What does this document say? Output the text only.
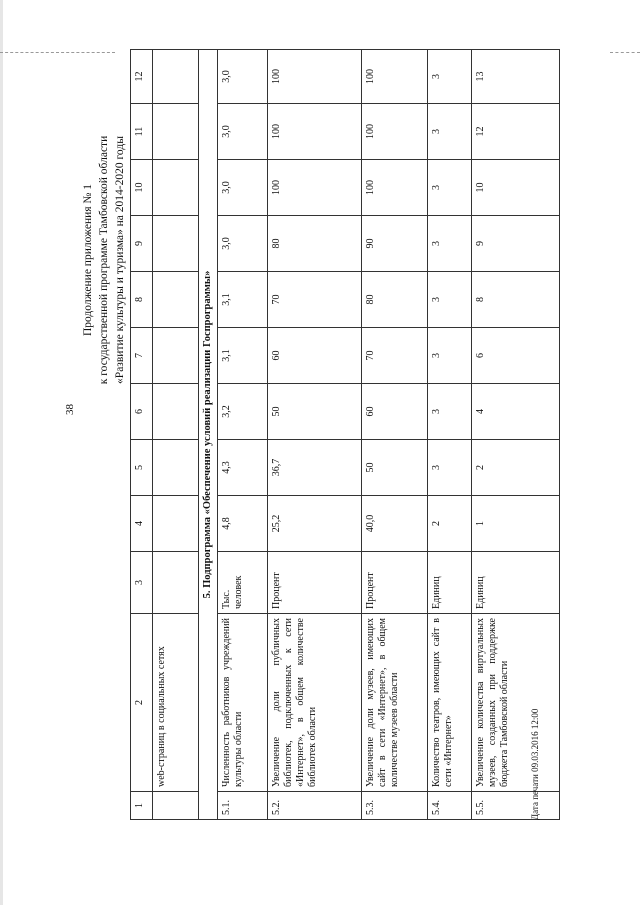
38
Продолжение приложения № 1 к государственной программе Тамбовской области «Развитие культуры и туризма» на 2014-2020 годы
1	2	3	4	5	6	7	8	9	10	11	12
	web-страниц в социальных сетях										
5. Подпрограмма «Обеспечение условий реализации Госпрограммы»											
5.1.	Численность работников учреждений культуры области	Тыс. человек	4,8	4,3	3,2	3,1	3,1	3,0	3,0	3,0	3,0
5.2.	Увеличение доли публичных библиотек, подключенных к сети «Интернет», в общем количестве библиотек области	Процент	25,2	36,7	50	60	70	80	100	100	100
5.3.	Увеличение доли музеев, имеющих сайт в сети «Интернет», в общем количестве музеев области	Процент	40,0	50	60	70	80	90	100	100	100
5.4.	Количество театров, имеющих сайт в сети «Интернет»	Единиц	2	3	3	3	3	3	3	3	3
5.5.	Увеличение количества виртуальных музеев, созданных при поддержке бюджета Тамбовской области	Единиц	1	2	4	6	8	9	10	12	13
Дата печати 09.03.2016 12:00
